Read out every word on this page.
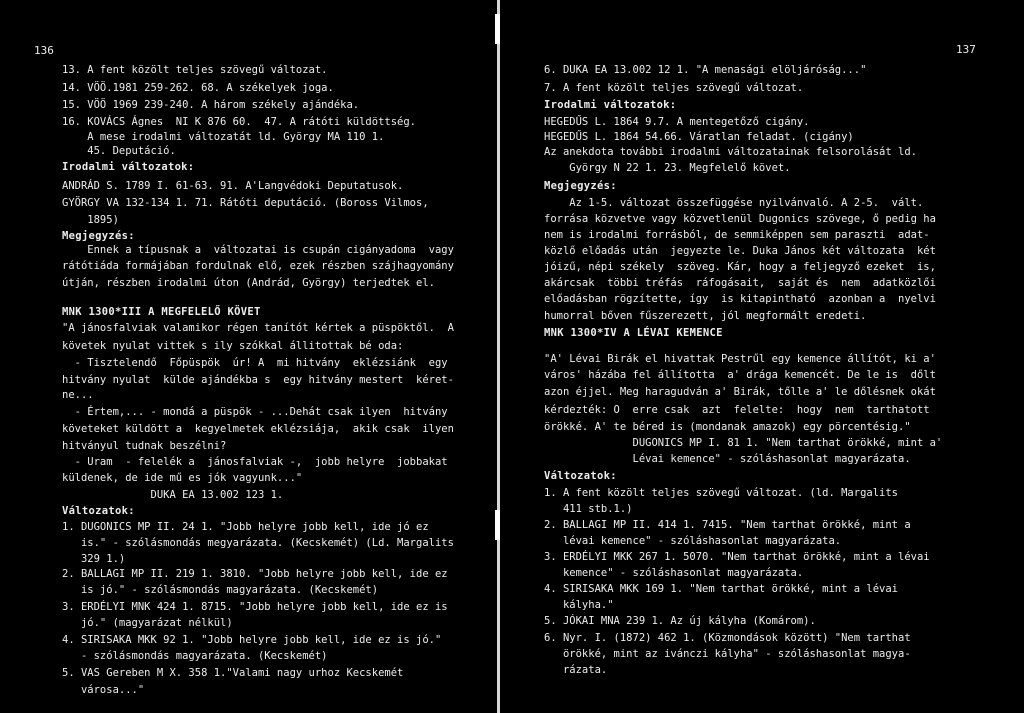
136
13. A fent közölt teljes szövegű változat.
14. VÖÖ.1981 259-262. 68. A székelyek joga.
15. VÖÖ 1969 239-240. A három székely ajándéka.
16. KOVÁCS Ágnes  NI K 876 60.  47. A rátóti küldöttség.
A mese irodalmi változatát ld. György MA 110 1.
45. Deputáció.
Irodalmi változatok:
ANDRÁD S. 1789 I. 61-63. 91. A'Langvédoki Deputatusok.
GYÖRGY VA 132-134 1. 71. Rátóti deputáció. (Boross Vilmos,
1895)
Megjegyzés:
Ennek a típusnak a  változatai is csupán cigányadoma  vagy
rátótiáda formájában fordulnak elő, ezek részben szájhagyomány
útján, részben irodalmi úton (Andrád, György) terjedtek el.
MNK 1300*III A MEGFELELŐ KÖVET
"A jánosfalviak valamikor régen tanítót kértek a püspöktől.  A
követek nyulat vittek s ily szókkal állitottak bé oda:
- Tisztelendő  Főpüspök  úr! A  mi hitvány  eklézsiánk  egy
hitvány nyulat  külde ajándékba s  egy hitvány mestert  kéret-
ne...
- Értem,... - mondá a püspök - ...Dehát csak ilyen  hitvány
követeket küldött a  kegyelmetek eklézsiája,  akik csak  ilyen
hitványul tudnak beszélni?
- Uram  - felelék a  jánosfalviak -,  jobb helyre  jobbakat
küldenek, de ide mű es jók vagyunk..."
DUKA EA 13.002 123 1.
Változatok:
1. DUGONICS MP II. 24 1. "Jobb helyre jobb kell, ide jó ez
is." - szólásmondás megyarázata. (Kecskemét) (Ld. Margalits
329 1.)
2. BALLAGI MP II. 219 1. 3810. "Jobb helyre jobb kell, ide ez
is jó." - szólásmondás magyarázata. (Kecskemét)
3. ERDÉLYI MNK 424 1. 8715. "Jobb helyre jobb kell, ide ez is
jó." (magyarázat nélkül)
4. SIRISAKA MKK 92 1. "Jobb helyre jobb kell, ide ez is jó."
- szólásmondás magyarázata. (Kecskemét)
5. VAS Gereben M X. 358 1."Valami nagy urhoz Kecskemét
városa..."
137
6. DUKA EA 13.002 12 1. "A menasági elöljáróság..."
7. A fent közölt teljes szövegű változat.
Irodalmi változatok:
HEGEDŰS L. 1864 9.7. A mentegetőző cigány.
HEGEDŰS L. 1864 54.66. Váratlan feladat. (cigány)
Az anekdota további irodalmi változatainak felsorolását ld.
György N 22 1. 23. Megfelelő követ.
Megjegyzés:
Az 1-5. változat összefüggése nyilvánvaló. A 2-5.  vált.
forrása közvetve vagy közvetlenül Dugonics szövege, ő pedig ha
nem is irodalmi forrásból, de semmiképpen sem paraszti  adat-
közlő előadás után  jegyezte le. Duka János két változata  két
jóizű, népi székely  szöveg. Kár, hogy a feljegyző ezeket  is,
akárcsak  többi tréfás  ráfogásait,  saját és  nem  adatközlői
előadásban rögzítette, így  is kitapintható  azonban a  nyelvi
humorral bőven fűszerezett, jól megformált eredeti.
MNK 1300*IV A LÉVAI KEMENCE
"A' Lévai Birák el hivattak Pestrűl egy kemence állítót, ki a'
város' házába fel állította  a' drága kemencét. De le is  dőlt
azon éjjel. Meg haragudván a' Birák, tőlle a' le dőlésnek okát
kérdezték: O  erre csak  azt  felelte:  hogy  nem  tarthatott
örökké. A' te béred is (mondanak amazok) egy pörcentésig."
DUGONICS MP I. 81 1. "Nem tarthat örökké, mint a'
Lévai kemence" - szóláshasonlat magyarázata.
Változatok:
1. A fent közölt teljes szövegű változat. (ld. Margalits
411 stb.1.)
2. BALLAGI MP II. 414 1. 7415. "Nem tarthat örökké, mint a
lévai kemence" - szóláshasonlat magyarázata.
3. ERDÉLYI MKK 267 1. 5070. "Nem tarthat örökké, mint a lévai
kemence" - szóláshasonlat magyarázata.
4. SIRISAKA MKK 169 1. "Nem tarthat örökké, mint a lévai
kályha."
5. JÓKAI MNA 239 1. Az új kályha (Komárom).
6. Nyr. I. (1872) 462 1. (Közmondások között) "Nem tarthat
örökké, mint az ivánczi kályha" - szóláshasonlat magya-
rázata.
